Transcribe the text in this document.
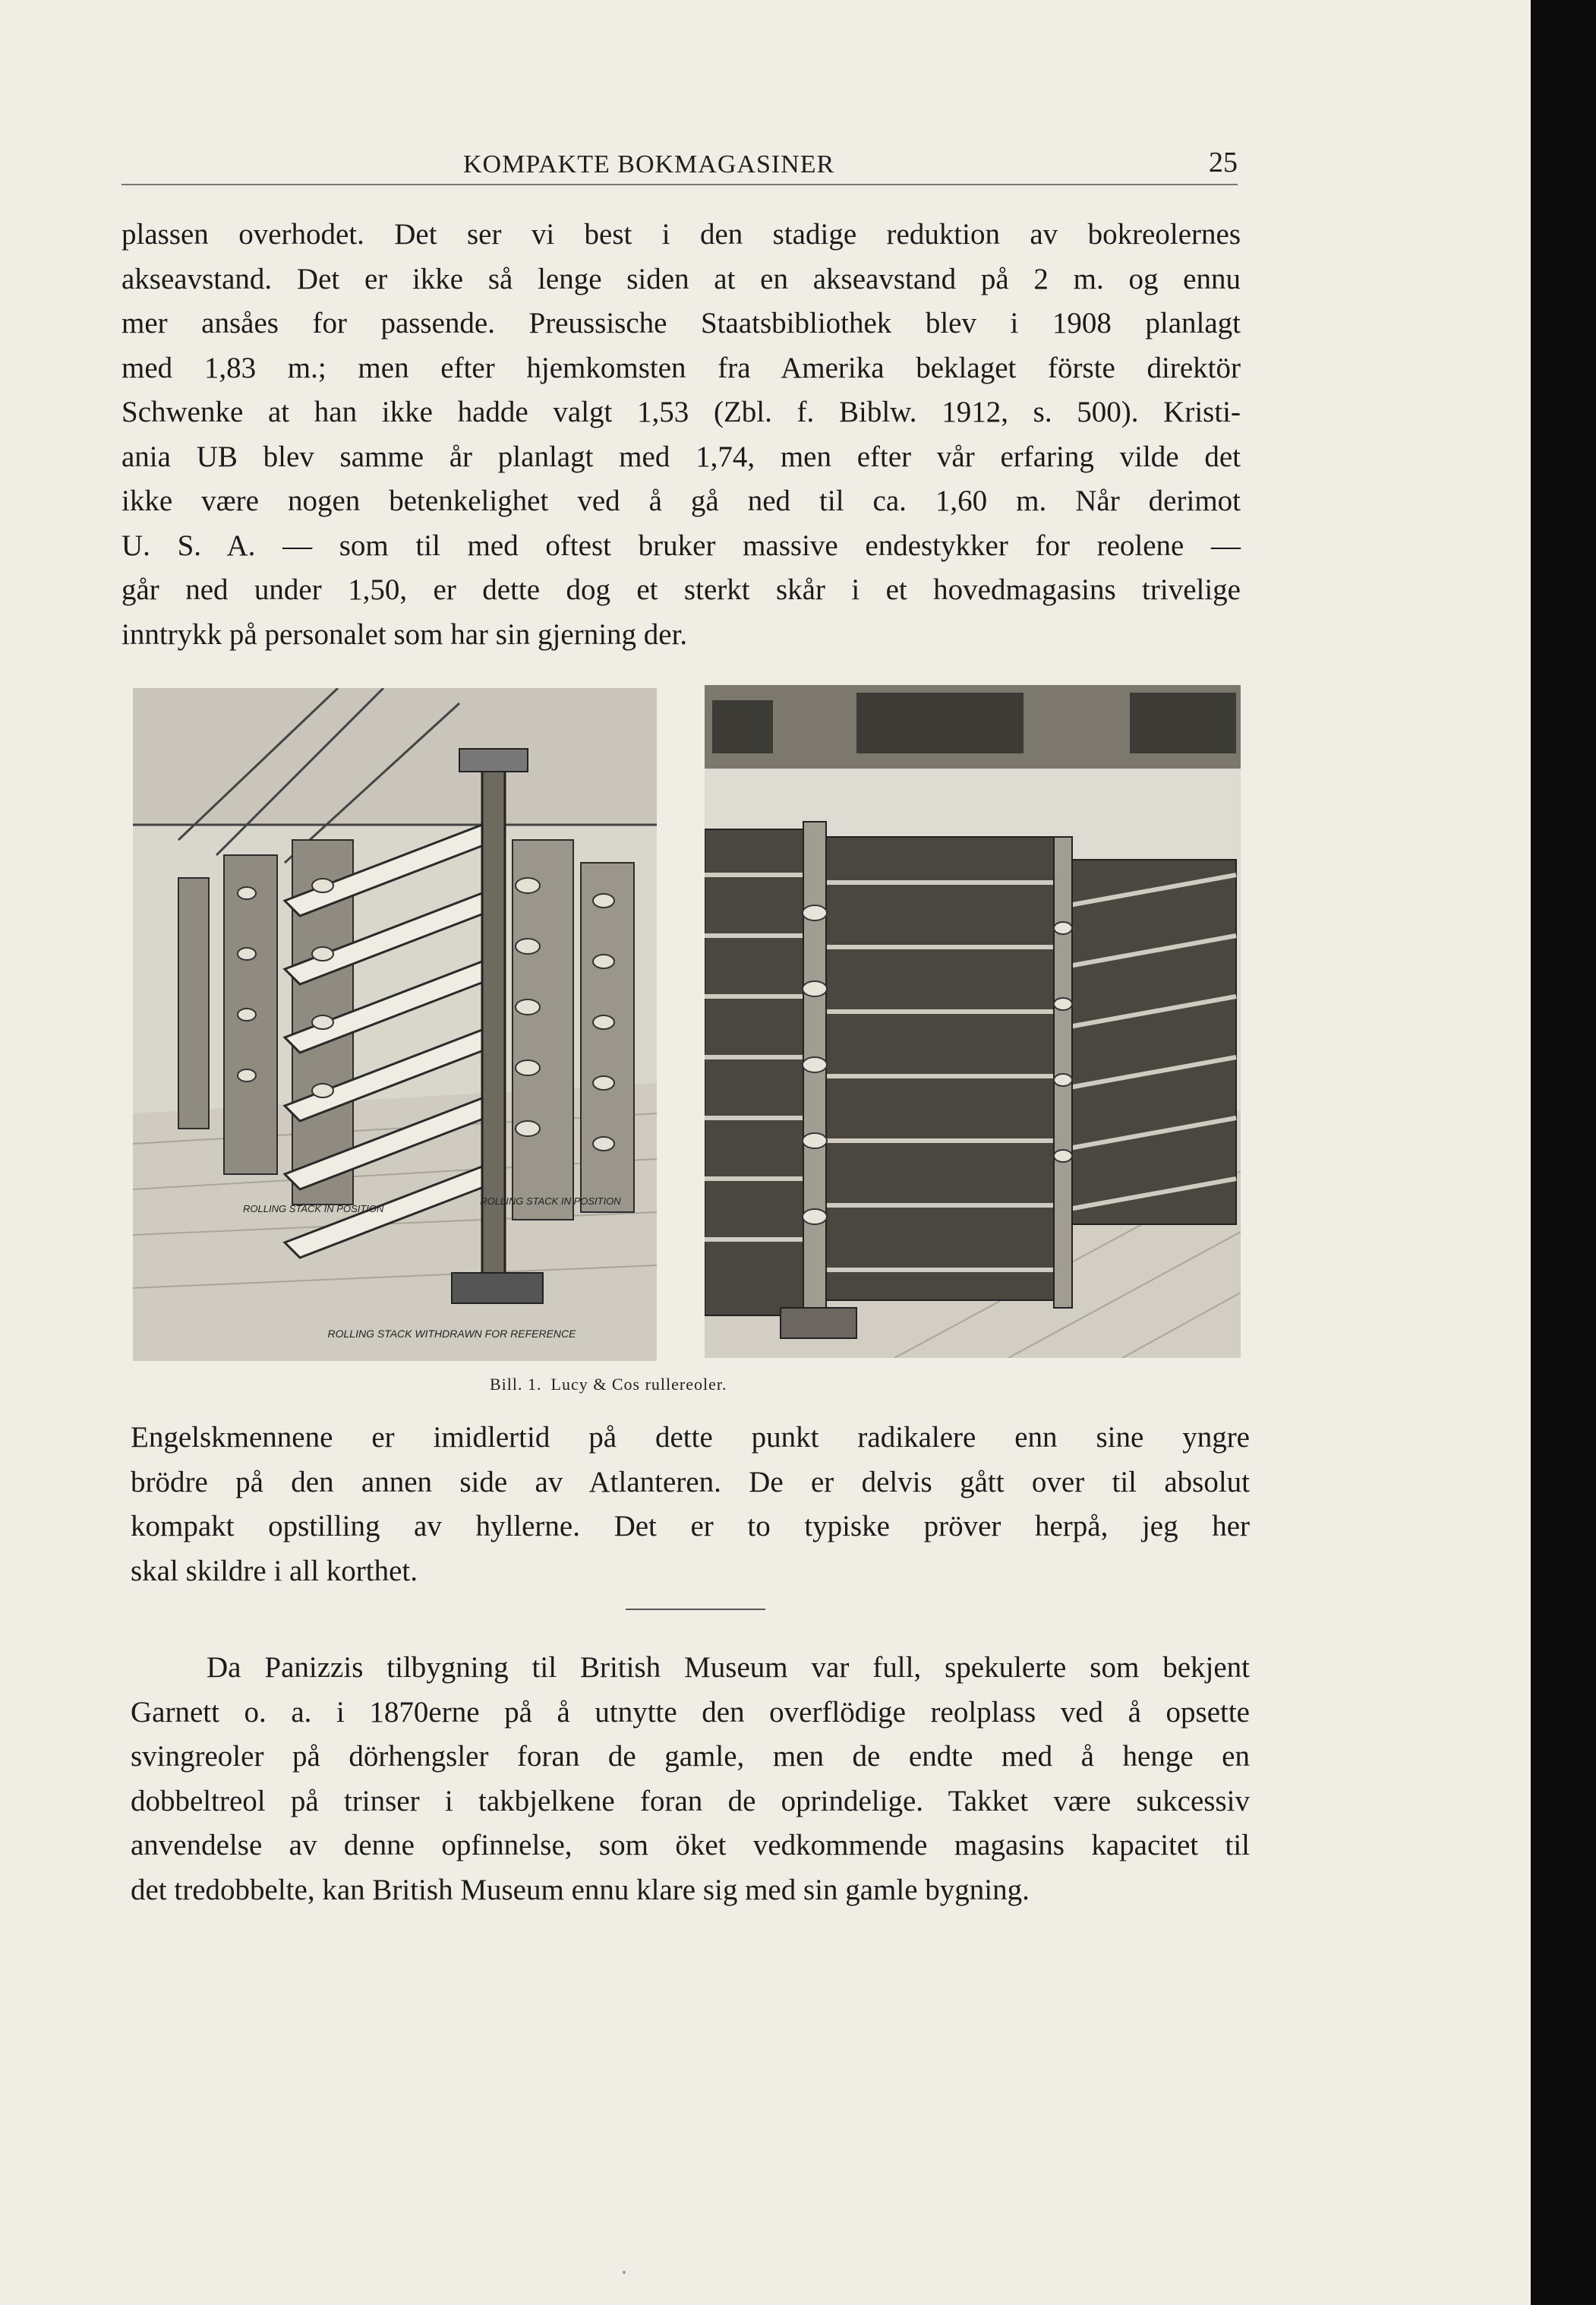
KOMPAKTE BOKMAGASINER	25

plassen overhodet. Det ser vi best i den stadige reduktion av bokreolernes
akseavstand. Det er ikke så lenge siden at en akseavstand på 2 m. og ennu
mer ansåes for passende. Preussische Staatsbibliothek blev i 1908 planlagt
med 1,83 m.; men efter hjemkomsten fra Amerika beklaget förste direktör
Schwenke at han ikke hadde valgt 1,53 (Zbl. f. Biblw. 1912, s. 500). Kristi-
ania UB blev samme år planlagt med 1,74, men efter vår erfaring vilde det
ikke være nogen betenkelighet ved å gå ned til ca. 1,60 m. Når derimot
U. S. A. — som til med oftest bruker massive endestykker for reolene —
går ned under 1,50, er dette dog et sterkt skår i et hovedmagasins trivelige
inntrykk på personalet som har sin gjerning der.

ROLLING STACK IN POSITION
ROLLING STACK IN POSITION
ROLLING STACK WITHDRAWN FOR REFERENCE
Bill. 1. Lucy & Cos rullereoler.

Engelskmennene er imidlertid på dette punkt radikalere enn sine yngre
brödre på den annen side av Atlanteren. De er delvis gått over til absolut
kompakt opstilling av hyllerne. Det er to typiske pröver herpå, jeg her
skal skildre i all korthet.

Da Panizzis tilbygning til British Museum var full, spekulerte som bekjent
Garnett o. a. i 1870erne på å utnytte den overflödige reolplass ved å opsette
svingreoler på dörhengsler foran de gamle, men de endte med å henge en
dobbeltreol på trinser i takbjelkene foran de oprindelige. Takket være sukcessiv
anvendelse av denne opfinnelse, som öket vedkommende magasins kapacitet til
det tredobbelte, kan British Museum ennu klare sig med sin gamle bygning.
